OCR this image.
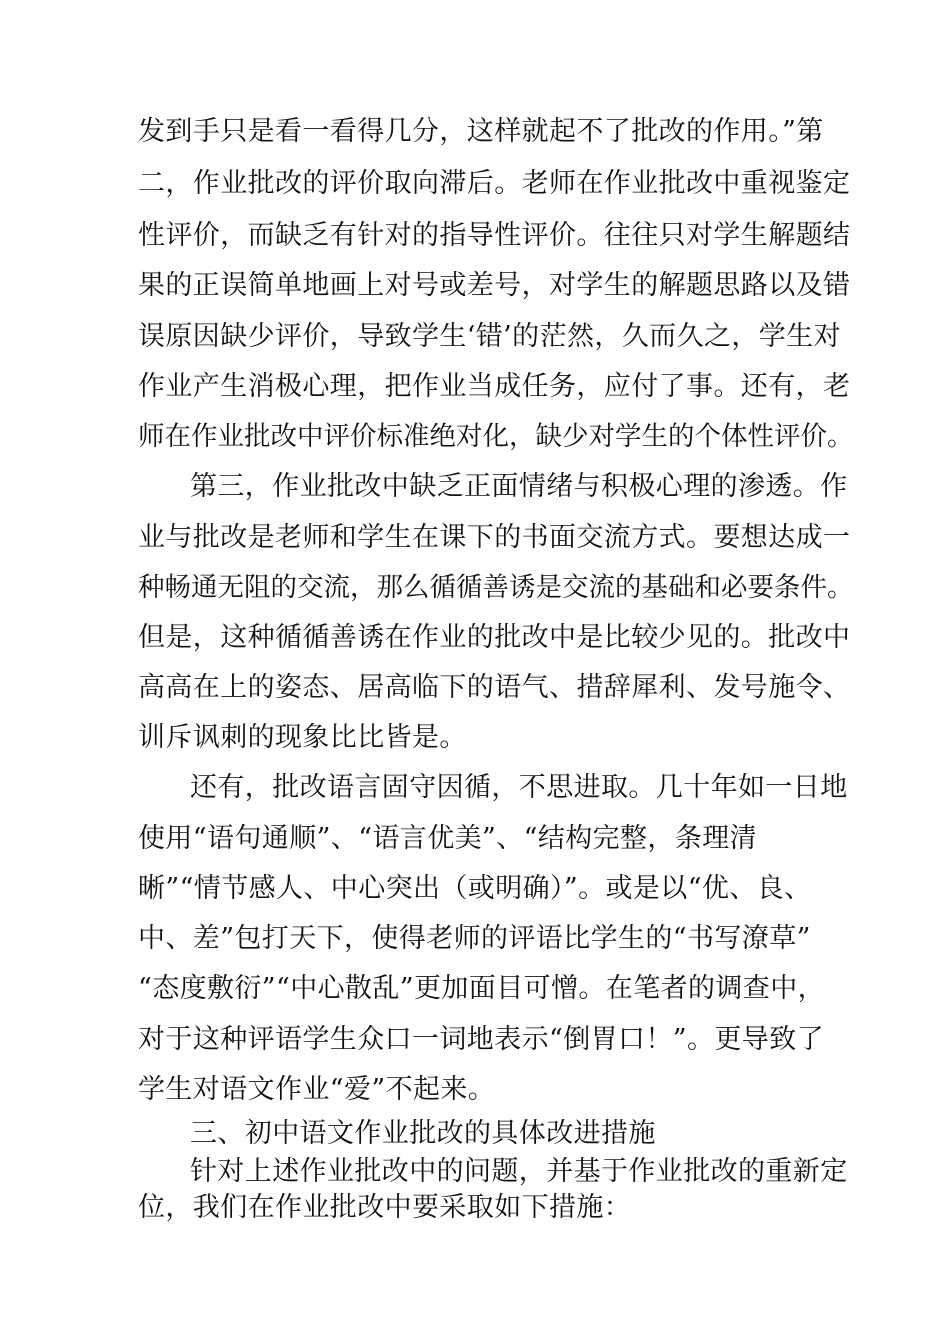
发到手只是看一看得几分，这样就起不了批改的作用。”第
二，作业批改的评价取向滞后。老师在作业批改中重视鉴定
性评价，而缺乏有针对的指导性评价。往往只对学生解题结
果的正误简单地画上对号或差号，对学生的解题思路以及错
误原因缺少评价，导致学生‘错’的茫然，久而久之，学生对
作业产生消极心理，把作业当成任务，应付了事。还有，老
师在作业批改中评价标准绝对化，缺少对学生的个体性评价。
第三，作业批改中缺乏正面情绪与积极心理的渗透。作
业与批改是老师和学生在课下的书面交流方式。要想达成一
种畅通无阻的交流，那么循循善诱是交流的基础和必要条件。
但是，这种循循善诱在作业的批改中是比较少见的。批改中
高高在上的姿态、居高临下的语气、措辞犀利、发号施令、
训斥讽刺的现象比比皆是。
还有，批改语言固守因循，不思进取。几十年如一日地
使用“语句通顺”、“语言优美”、“结构完整，条理清
晰”“情节感人、中心突出（或明确）”。或是以“优、良、
中、差”包打天下，使得老师的评语比学生的“书写潦草”
“态度敷衍”“中心散乱”更加面目可憎。在笔者的调查中，
对于这种评语学生众口一词地表示“倒胃口！”。更导致了
学生对语文作业“爱”不起来。
三、初中语文作业批改的具体改进措施
针对上述作业批改中的问题，并基于作业批改的重新定
位，我们在作业批改中要采取如下措施：
